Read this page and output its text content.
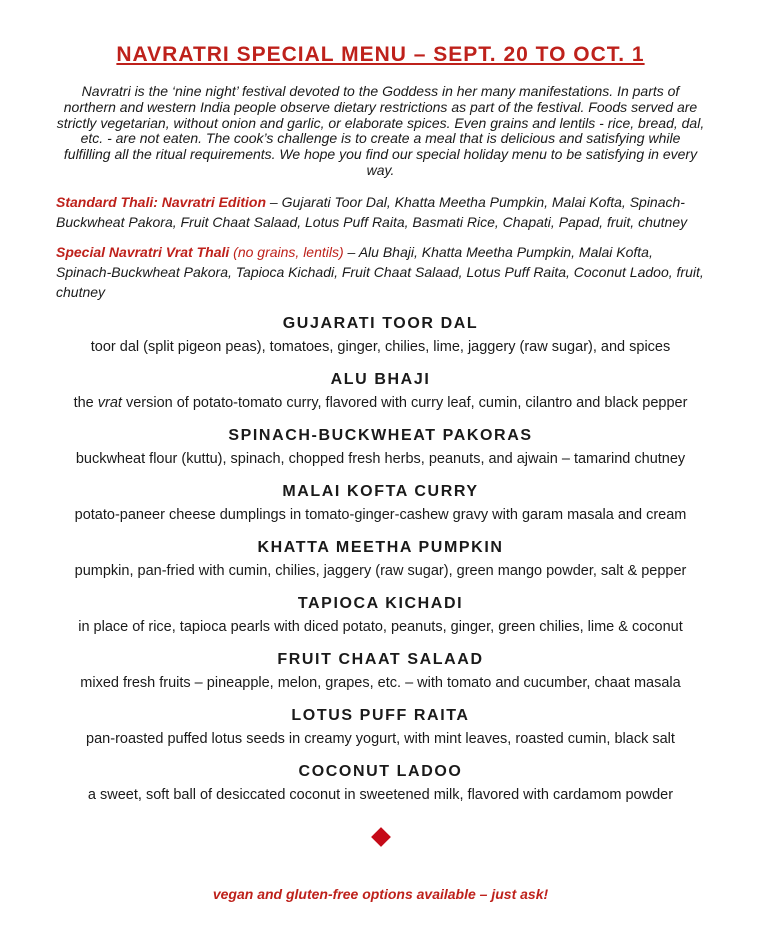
NAVRATRI SPECIAL MENU – SEPT. 20 TO OCT. 1

Navratri is the ‘nine night’ festival devoted to the Goddess in her many manifestations. In parts of northern and western India people observe dietary restrictions as part of the festival. Foods served are strictly vegetarian, without onion and garlic, or elaborate spices. Even grains and lentils - rice, bread, dal, etc. - are not eaten. The cook’s challenge is to create a meal that is delicious and satisfying while fulfilling all the ritual requirements. We hope you find our special holiday menu to be satisfying in every way.

Standard Thali: Navratri Edition – Gujarati Toor Dal, Khatta Meetha Pumpkin, Malai Kofta, Spinach-Buckwheat Pakora, Fruit Chaat Salaad, Lotus Puff Raita, Basmati Rice, Chapati, Papad, fruit, chutney

Special Navratri Vrat Thali (no grains, lentils) – Alu Bhaji, Khatta Meetha Pumpkin, Malai Kofta, Spinach-Buckwheat Pakora, Tapioca Kichadi, Fruit Chaat Salaad, Lotus Puff Raita, Coconut Ladoo, fruit, chutney

GUJARATI TOOR DAL

toor dal (split pigeon peas), tomatoes, ginger, chilies, lime, jaggery (raw sugar), and spices

ALU BHAJI

the vrat version of potato-tomato curry, flavored with curry leaf, cumin, cilantro and black pepper

SPINACH-BUCKWHEAT PAKORAS

buckwheat flour (kuttu), spinach, chopped fresh herbs, peanuts, and ajwain – tamarind chutney

MALAI KOFTA CURRY

potato-paneer cheese dumplings in tomato-ginger-cashew gravy with garam masala and cream

KHATTA MEETHA PUMPKIN

pumpkin, pan-fried with cumin, chilies, jaggery (raw sugar), green mango powder, salt & pepper

TAPIOCA KICHADI

in place of rice, tapioca pearls with diced potato, peanuts, ginger, green chilies, lime & coconut

FRUIT CHAAT SALAAD

mixed fresh fruits – pineapple, melon, grapes, etc. – with tomato and cucumber, chaat masala

LOTUS PUFF RAITA

pan-roasted puffed lotus seeds in creamy yogurt, with mint leaves, roasted cumin, black salt

COCONUT LADOO

a sweet, soft ball of desiccated coconut in sweetened milk, flavored with cardamom powder

vegan and gluten-free options available – just ask!
